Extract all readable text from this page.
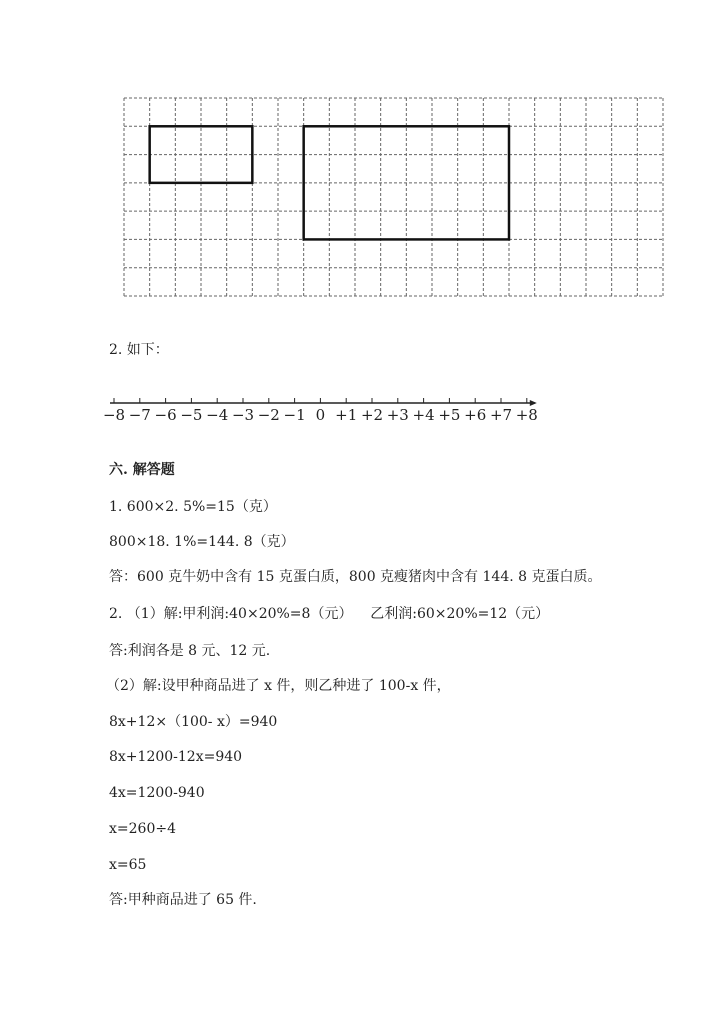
2. 如下：
−8 −7 −6 −5 −4 −3 −2 −1 0 +1 +2 +3 +4 +5 +6 +7 +8
六. 解答题
1. 600×2. 5%=15（克）
800×18. 1%=144. 8（克）
答：600 克牛奶中含有 15 克蛋白质，800 克瘦猪肉中含有 144. 8 克蛋白质。
2. （1）解:甲利润:40×20%=8（元）    乙利润:60×20%=12（元）
答:利润各是 8 元、12 元.
（2）解:设甲种商品进了 x 件，则乙种进了 100-x 件，
8x+12×（100- x）=940
8x+1200-12x=940
4x=1200-940
x=260÷4
x=65
答:甲种商品进了 65 件.
